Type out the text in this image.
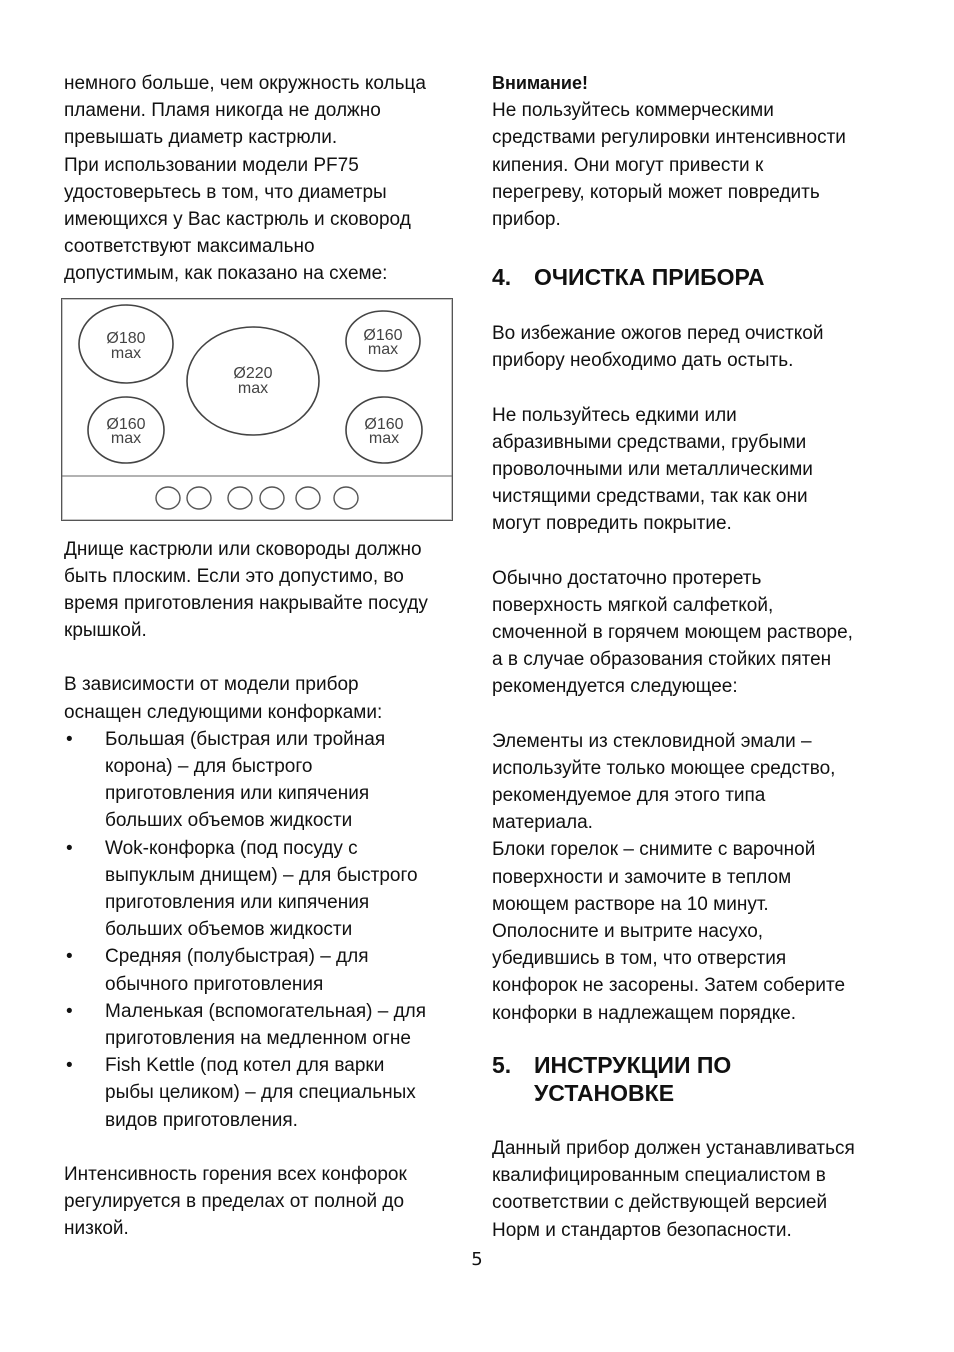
немного больше, чем окружность кольца

пламени. Пламя никогда не должно

превышать диаметр кастрюли.

При использовании модели PF75

удостоверьтесь в том, что диаметры

имеющихся у Вас кастрюль и сковород

соответствуют максимально

допустимым, как показано на схеме:

Ø180
max
Ø220
max
Ø160
max
Ø160
max
Ø160
max

Днище кастрюли или сковороды должно

быть плоским. Если это допустимо, во

время приготовления накрывайте посуду

крышкой.

В зависимости от модели прибор

оснащен следующими конфорками:

• Большая (быстрая или тройная

корона) – для быстрого

приготовления или кипячения

больших объемов жидкости

• Wok-конфорка (под посуду с

выпуклым днищем) – для быстрого

приготовления или кипячения

больших объемов жидкости

• Средняя (полубыстрая) – для

обычного приготовления

• Маленькая (вспомогательная) – для

приготовления на медленном огне

• Fish Kettle (под котел для варки

рыбы целиком) – для специальных

видов приготовления.

Интенсивность горения всех конфорок

регулируется в пределах от полной до

низкой.

Внимание!

Не пользуйтесь коммерческими

средствами регулировки интенсивности

кипения. Они могут привести к

перегреву, который может повредить

прибор.

4. ОЧИСТКА ПРИБОРА

Во избежание ожогов перед очисткой

прибору необходимо дать остыть.

Не пользуйтесь едкими или

абразивными средствами, грубыми

проволочными или металлическими

чистящими средствами, так как они

могут повредить покрытие.

Обычно достаточно протереть

поверхность мягкой салфеткой,

смоченной в горячем моющем растворе,

а в случае образования стойких пятен

рекомендуется следующее:

Элементы из стекловидной эмали –

используйте только моющее средство,

рекомендуемое для этого типа

материала.

Блоки горелок – снимите с варочной

поверхности и замочите в теплом

моющем растворе на 10 минут.

Ополосните и вытрите насухо,

убедившись в том, что отверстия

конфорок не засорены. Затем соберите

конфорки в надлежащем порядке.

5. ИНСТРУКЦИИ ПО
УСТАНОВКЕ

Данный прибор должен устанавливаться

квалифицированным специалистом в

соответствии с действующей версией

Норм и стандартов безопасности.

5
